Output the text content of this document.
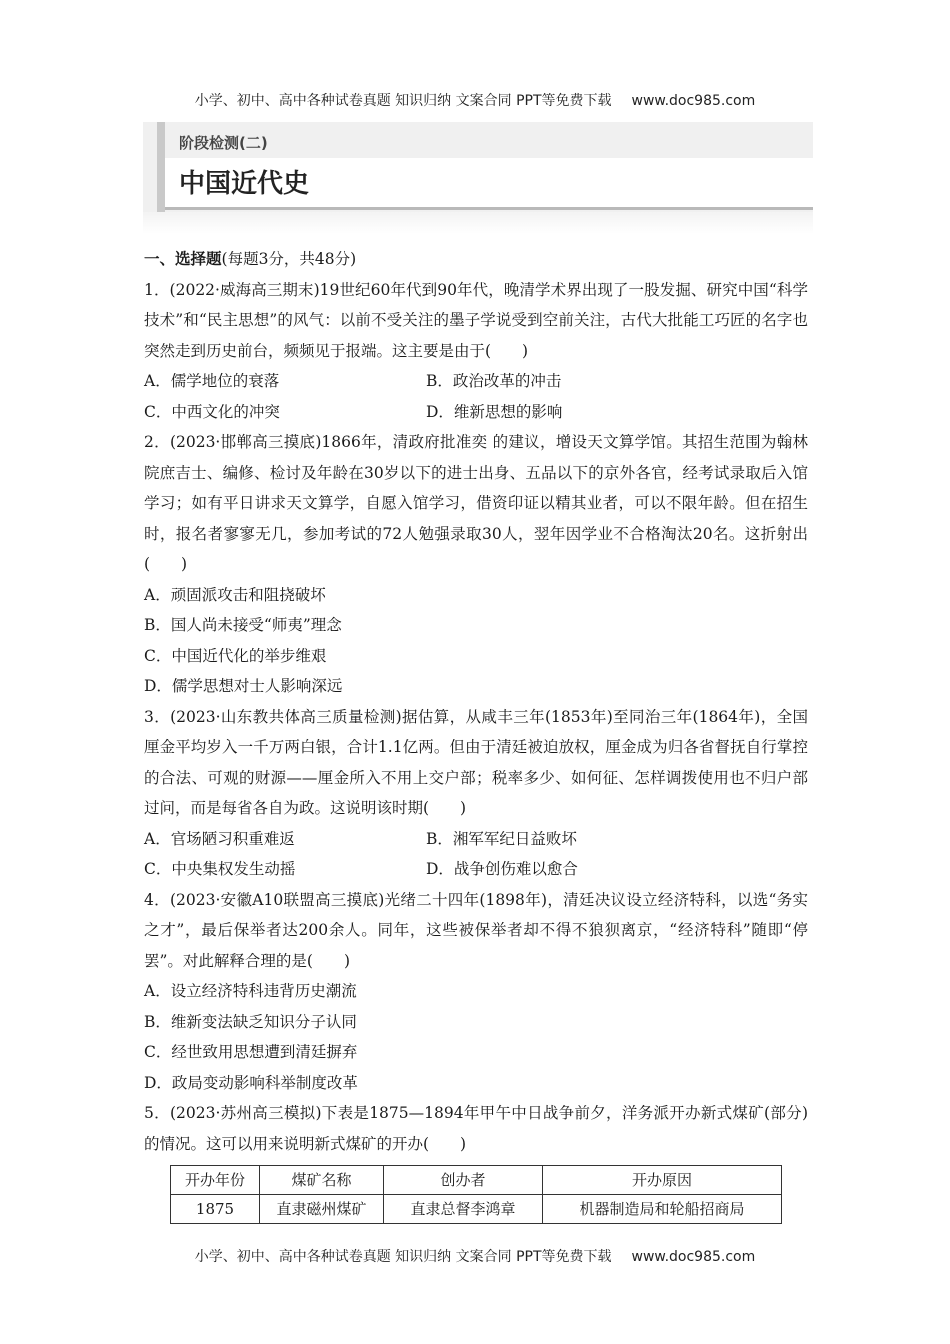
小学、初中、高中各种试卷真题 知识归纳 文案合同 PPT等免费下载 www.doc985.com
阶段检测(二)
中国近代史

一、选择题(每题3分，共48分)

1．(2022·威海高三期末)19世纪60年代到90年代，晚清学术界出现了一股发掘、研究中国“科学技术”和“民主思想”的风气：以前不受关注的墨子学说受到空前关注，古代大批能工巧匠的名字也突然走到历史前台，频频见于报端。这主要是由于(　　)

A．儒学地位的衰落	B．政治改革的冲击
C．中西文化的冲突	D．维新思想的影响

2．(2023·邯郸高三摸底)1866年，清政府批准奕 的建议，增设天文算学馆。其招生范围为翰林院庶吉士、编修、检讨及年龄在30岁以下的进士出身、五品以下的京外各官，经考试录取后入馆学习；如有平日讲求天文算学，自愿入馆学习，借资印证以精其业者，可以不限年龄。但在招生时，报名者寥寥无几，参加考试的72人勉强录取30人，翌年因学业不合格淘汰20名。这折射出(　　)

A．顽固派攻击和阻挠破坏

B．国人尚未接受“师夷”理念

C．中国近代化的举步维艰

D．儒学思想对士人影响深远

3．(2023·山东教共体高三质量检测)据估算，从咸丰三年(1853年)至同治三年(1864年)，全国厘金平均岁入一千万两白银，合计1.1亿两。但由于清廷被迫放权，厘金成为归各省督抚自行掌控的合法、可观的财源——厘金所入不用上交户部；税率多少、如何征、怎样调拨使用也不归户部过问，而是每省各自为政。这说明该时期(　　)

A．官场陋习积重难返	B．湘军军纪日益败坏
C．中央集权发生动摇	D．战争创伤难以愈合

4．(2023·安徽A10联盟高三摸底)光绪二十四年(1898年)，清廷决议设立经济特科，以选“务实之才”，最后保举者达200余人。同年，这些被保举者却不得不狼狈离京，“经济特科”随即“停罢”。对此解释合理的是(　　)

A．设立经济特科违背历史潮流

B．维新变法缺乏知识分子认同

C．经世致用思想遭到清廷摒弃

D．政局变动影响科举制度改革

5．(2023·苏州高三模拟)下表是1875—1894年甲午中日战争前夕，洋务派开办新式煤矿(部分)的情况。这可以用来说明新式煤矿的开办(　　)

开办年份	煤矿名称	创办者	开办原因
1875	直隶磁州煤矿	直隶总督李鸿章	机器制造局和轮船招商局
小学、初中、高中各种试卷真题 知识归纳 文案合同 PPT等免费下载 www.doc985.com
